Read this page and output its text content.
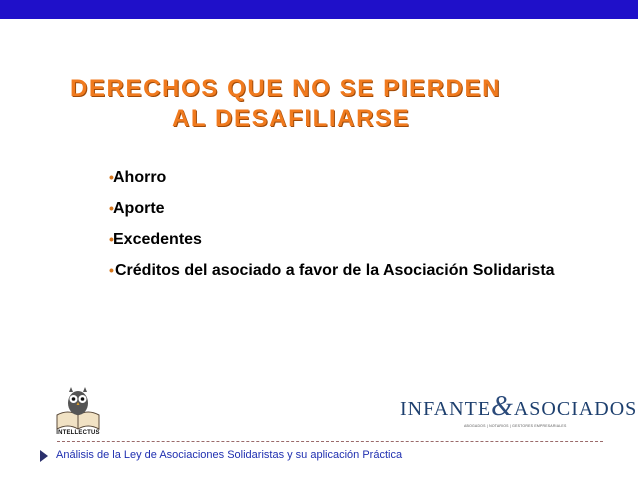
DERECHOS QUE NO SE PIERDEN
AL DESAFILIARSE
• Ahorro
• Aporte
• Excedentes
• Créditos del asociado a favor de la Asociación Solidarista
INTELLECTUS
INFANTE&ASOCIADOS
ABOGADOS | NOTARIOS | GESTORES EMPRESARIALES
Análisis de la Ley de Asociaciones Solidaristas y su aplicación Práctica
